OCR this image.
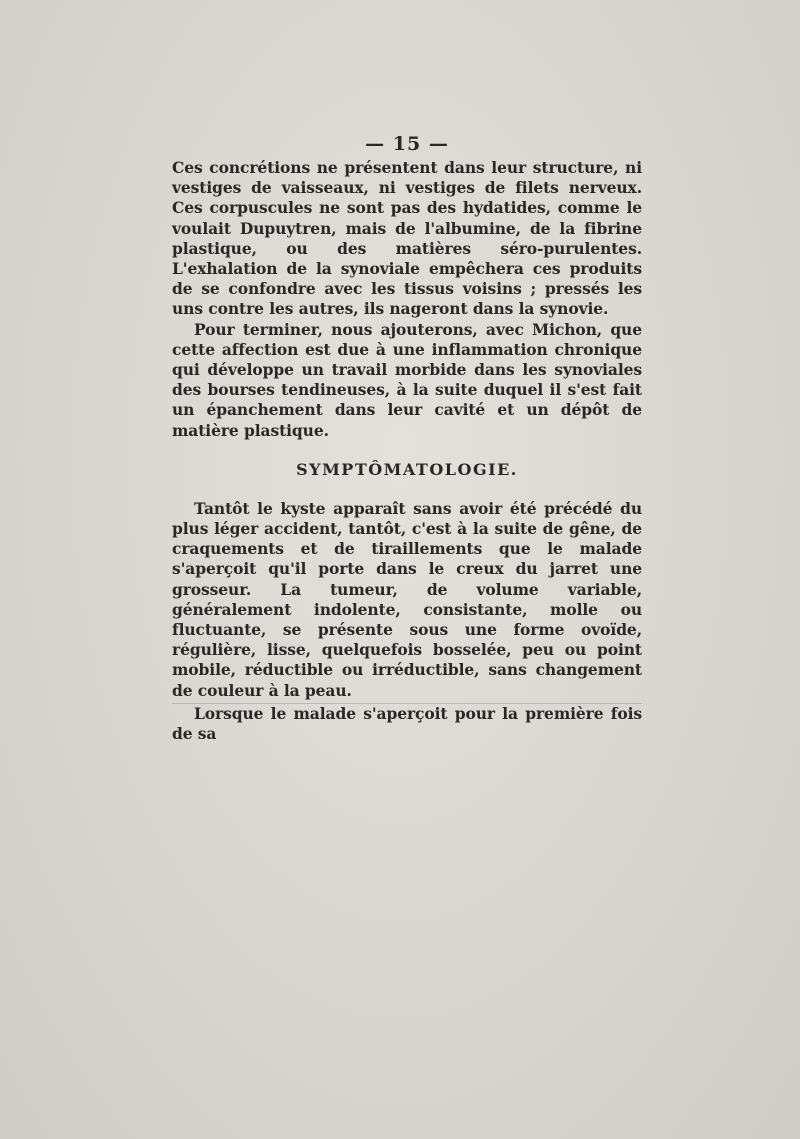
— 15 —

Ces concrétions ne présentent dans leur structure, ni vestiges de vaisseaux, ni vestiges de filets nerveux. Ces corpuscules ne sont pas des hydatides, comme le voulait Dupuytren, mais de l'albumine, de la fibrine plastique, ou des matières séro-purulentes. L'exhalation de la synoviale empêchera ces produits de se confondre avec les tissus voisins ; pressés les uns contre les autres, ils nageront dans la synovie.

Pour terminer, nous ajouterons, avec Michon, que cette affection est due à une inflammation chronique qui développe un travail morbide dans les synoviales des bourses tendineuses, à la suite duquel il s'est fait un épanchement dans leur cavité et un dépôt de matière plastique.

SYMPTÔMATOLOGIE.

Tantôt le kyste apparaît sans avoir été précédé du plus léger accident, tantôt, c'est à la suite de gêne, de craquements et de tiraillements que le malade s'aperçoit qu'il porte dans le creux du jarret une grosseur. La tumeur, de volume variable, généralement indolente, consistante, molle ou fluctuante, se présente sous une forme ovoïde, régulière, lisse, quelquefois bosselée, peu ou point mobile, réductible ou irréductible, sans changement de couleur à la peau.

Lorsque le malade s'aperçoit pour la première fois de sa
